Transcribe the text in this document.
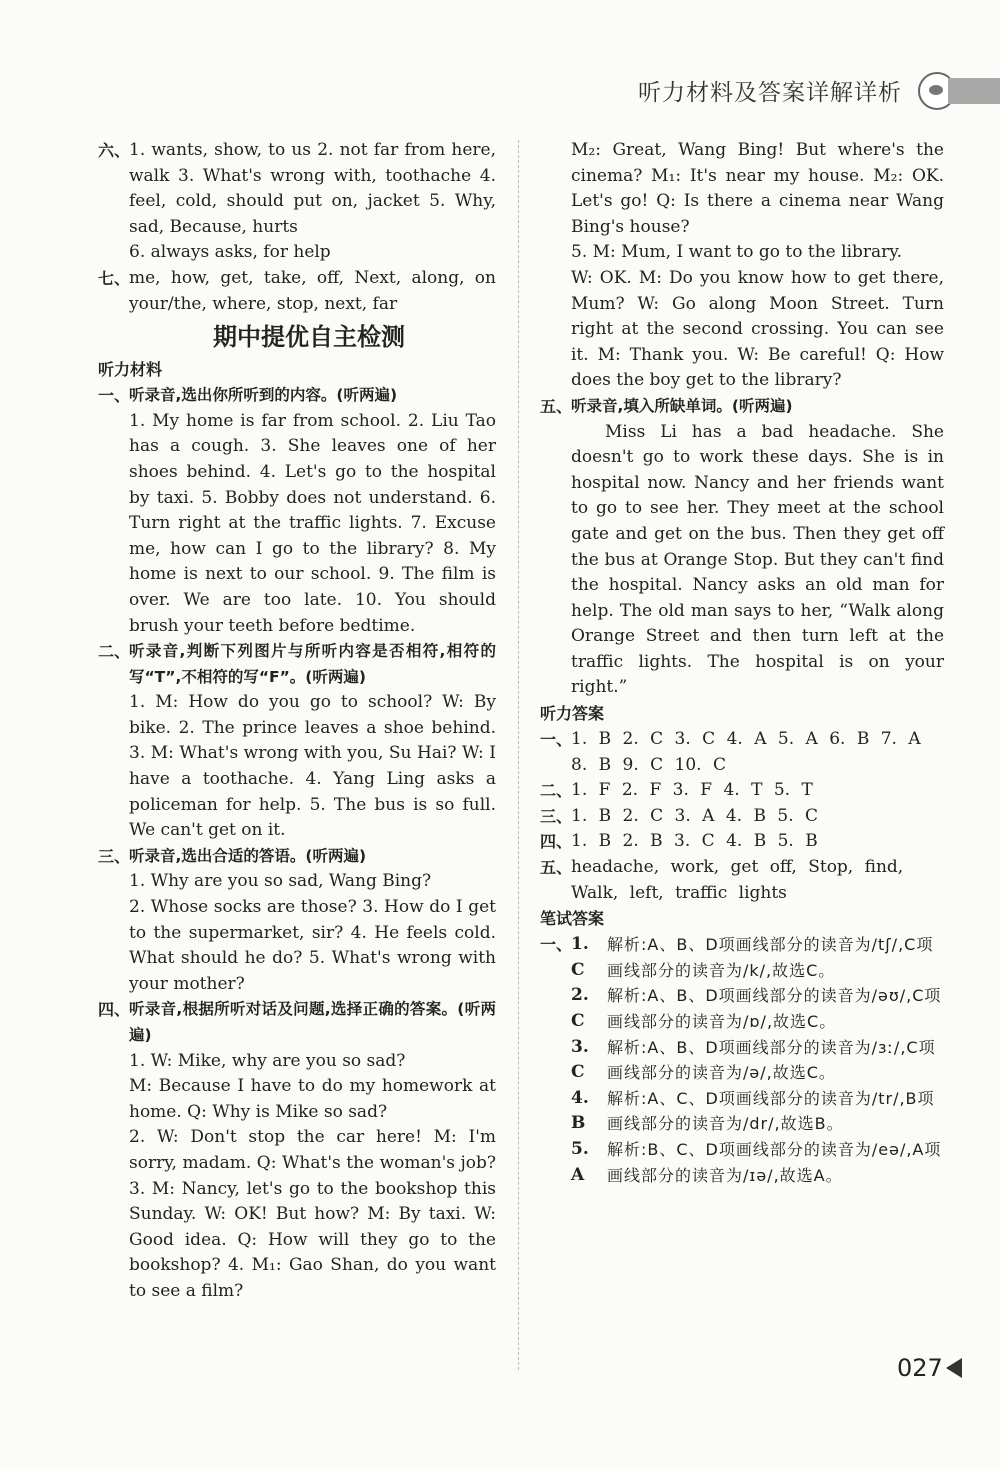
听力材料及答案详解详析
六、
1. wants, show, to us 2. not far from here, walk 3. What's wrong with, toothache 4. feel, cold, should put on, jacket 5. Why, sad, Because, hurts
6. always asks, for help
七、
me, how, get, take, off, Next, along, on your/the, where, stop, next, far
期中提优自主检测
听力材料
一、
听录音,选出你所听到的内容。(听两遍)
1. My home is far from school. 2. Liu Tao has a cough. 3. She leaves one of her shoes behind. 4. Let's go to the hospital by taxi. 5. Bobby does not understand. 6. Turn right at the traffic lights. 7. Excuse me, how can I go to the library? 8. My home is next to our school. 9. The film is over. We are too late. 10. You should brush your teeth before bedtime.
二、
听录音,判断下列图片与所听内容是否相符,相符的写“T”,不相符的写“F”。(听两遍)
1. M: How do you go to school? W: By bike. 2. The prince leaves a shoe behind. 3. M: What's wrong with you, Su Hai? W: I have a toothache. 4. Yang Ling asks a policeman for help. 5. The bus is so full. We can't get on it.
三、
听录音,选出合适的答语。(听两遍)
1. Why are you so sad, Wang Bing?
2. Whose socks are those? 3. How do I get to the supermarket, sir? 4. He feels cold. What should he do? 5. What's wrong with your mother?
四、
听录音,根据所听对话及问题,选择正确的答案。(听两遍)
1. W: Mike, why are you so sad?
M: Because I have to do my homework at home. Q: Why is Mike so sad?
2. W: Don't stop the car here! M: I'm sorry, madam. Q: What's the woman's job? 3. M: Nancy, let's go to the bookshop this Sunday. W: OK! But how? M: By taxi. W: Good idea. Q: How will they go to the bookshop? 4. M₁: Gao Shan, do you want to see a film?
M₂: Great, Wang Bing! But where's the cinema? M₁: It's near my house. M₂: OK. Let's go! Q: Is there a cinema near Wang Bing's house?
5. M: Mum, I want to go to the library.
W: OK. M: Do you know how to get there, Mum? W: Go along Moon Street. Turn right at the second crossing. You can see it. M: Thank you. W: Be careful! Q: How does the boy get to the library?
五、
听录音,填入所缺单词。(听两遍)
Miss Li has a bad headache. She doesn't go to work these days. She is in hospital now. Nancy and her friends want to go to see her. They meet at the school gate and get on the bus. Then they get off the bus at Orange Stop. But they can't find the hospital. Nancy asks an old man for help. The old man says to her, “Walk along Orange Street and then turn left at the traffic lights. The hospital is on your right.”
听力答案
一、
1. B 2. C 3. C 4. A 5. A 6. B 7. A
8. B 9. C 10. C
二、
1. F 2. F 3. F 4. T 5. T
三、
1. B 2. C 3. A 4. B 5. C
四、
1. B 2. B 3. C 4. B 5. B
五、
headache, work, get off, Stop, find, Walk, left, traffic lights
笔试答案
一、
1. C
解析:A、B、D项画线部分的读音为/tʃ/,C项画线部分的读音为/k/,故选C。
2. C
解析:A、B、D项画线部分的读音为/əʊ/,C项画线部分的读音为/ɒ/,故选C。
3. C
解析:A、B、D项画线部分的读音为/ɜː/,C项画线部分的读音为/ə/,故选C。
4. B
解析:A、C、D项画线部分的读音为/tr/,B项画线部分的读音为/dr/,故选B。
5. A
解析:B、C、D项画线部分的读音为/eə/,A项画线部分的读音为/ɪə/,故选A。
027
